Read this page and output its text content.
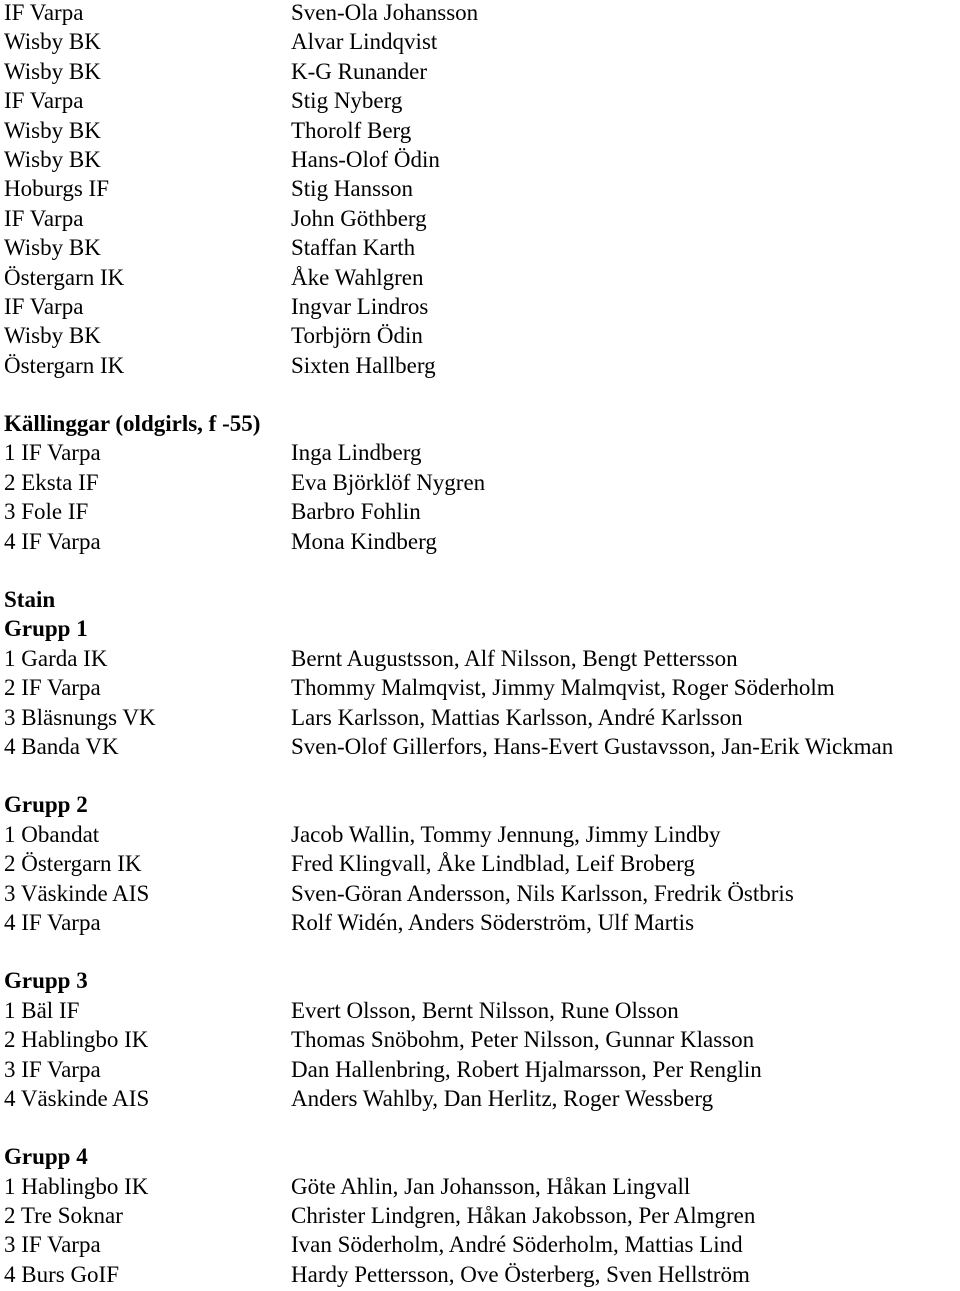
IF Varpa	Sven-Ola Johansson
Wisby BK	Alvar Lindqvist
Wisby BK	K-G Runander
IF Varpa	Stig Nyberg
Wisby BK	Thorolf Berg
Wisby BK	Hans-Olof Ödin
Hoburgs IF	Stig Hansson
IF Varpa	John Göthberg
Wisby BK	Staffan Karth
Östergarn IK	Åke Wahlgren
IF Varpa	Ingvar Lindros
Wisby BK	Torbjörn Ödin
Östergarn IK	Sixten Hallberg
Källinggar (oldgirls, f -55)
1 IF Varpa	Inga Lindberg
2 Eksta IF	Eva Björklöf Nygren
3 Fole IF	Barbro Fohlin
4 IF Varpa	Mona Kindberg
Stain
Grupp 1
1 Garda IK	Bernt Augustsson, Alf Nilsson, Bengt Pettersson
2 IF Varpa	Thommy Malmqvist, Jimmy Malmqvist, Roger Söderholm
3 Bläsnungs VK	Lars Karlsson, Mattias Karlsson, André Karlsson
4 Banda VK	Sven-Olof Gillerfors, Hans-Evert Gustavsson, Jan-Erik Wickman
Grupp 2
1 Obandat	Jacob Wallin, Tommy Jennung, Jimmy Lindby
2 Östergarn IK	Fred Klingvall, Åke Lindblad, Leif Broberg
3 Väskinde AIS	Sven-Göran Andersson, Nils Karlsson, Fredrik Östbris
4 IF Varpa	Rolf Widén, Anders Söderström, Ulf Martis
Grupp 3
1 Bäl IF	Evert Olsson, Bernt Nilsson, Rune Olsson
2 Hablingbo IK	Thomas Snöbohm, Peter Nilsson, Gunnar Klasson
3 IF Varpa	Dan Hallenbring, Robert Hjalmarsson, Per Renglin
4 Väskinde AIS	Anders Wahlby, Dan Herlitz, Roger Wessberg
Grupp 4
1 Hablingbo IK	Göte Ahlin, Jan Johansson, Håkan Lingvall
2 Tre Soknar	Christer Lindgren, Håkan Jakobsson, Per Almgren
3 IF Varpa	Ivan Söderholm, André Söderholm, Mattias Lind
4 Burs GoIF	Hardy Pettersson, Ove Österberg, Sven Hellström
